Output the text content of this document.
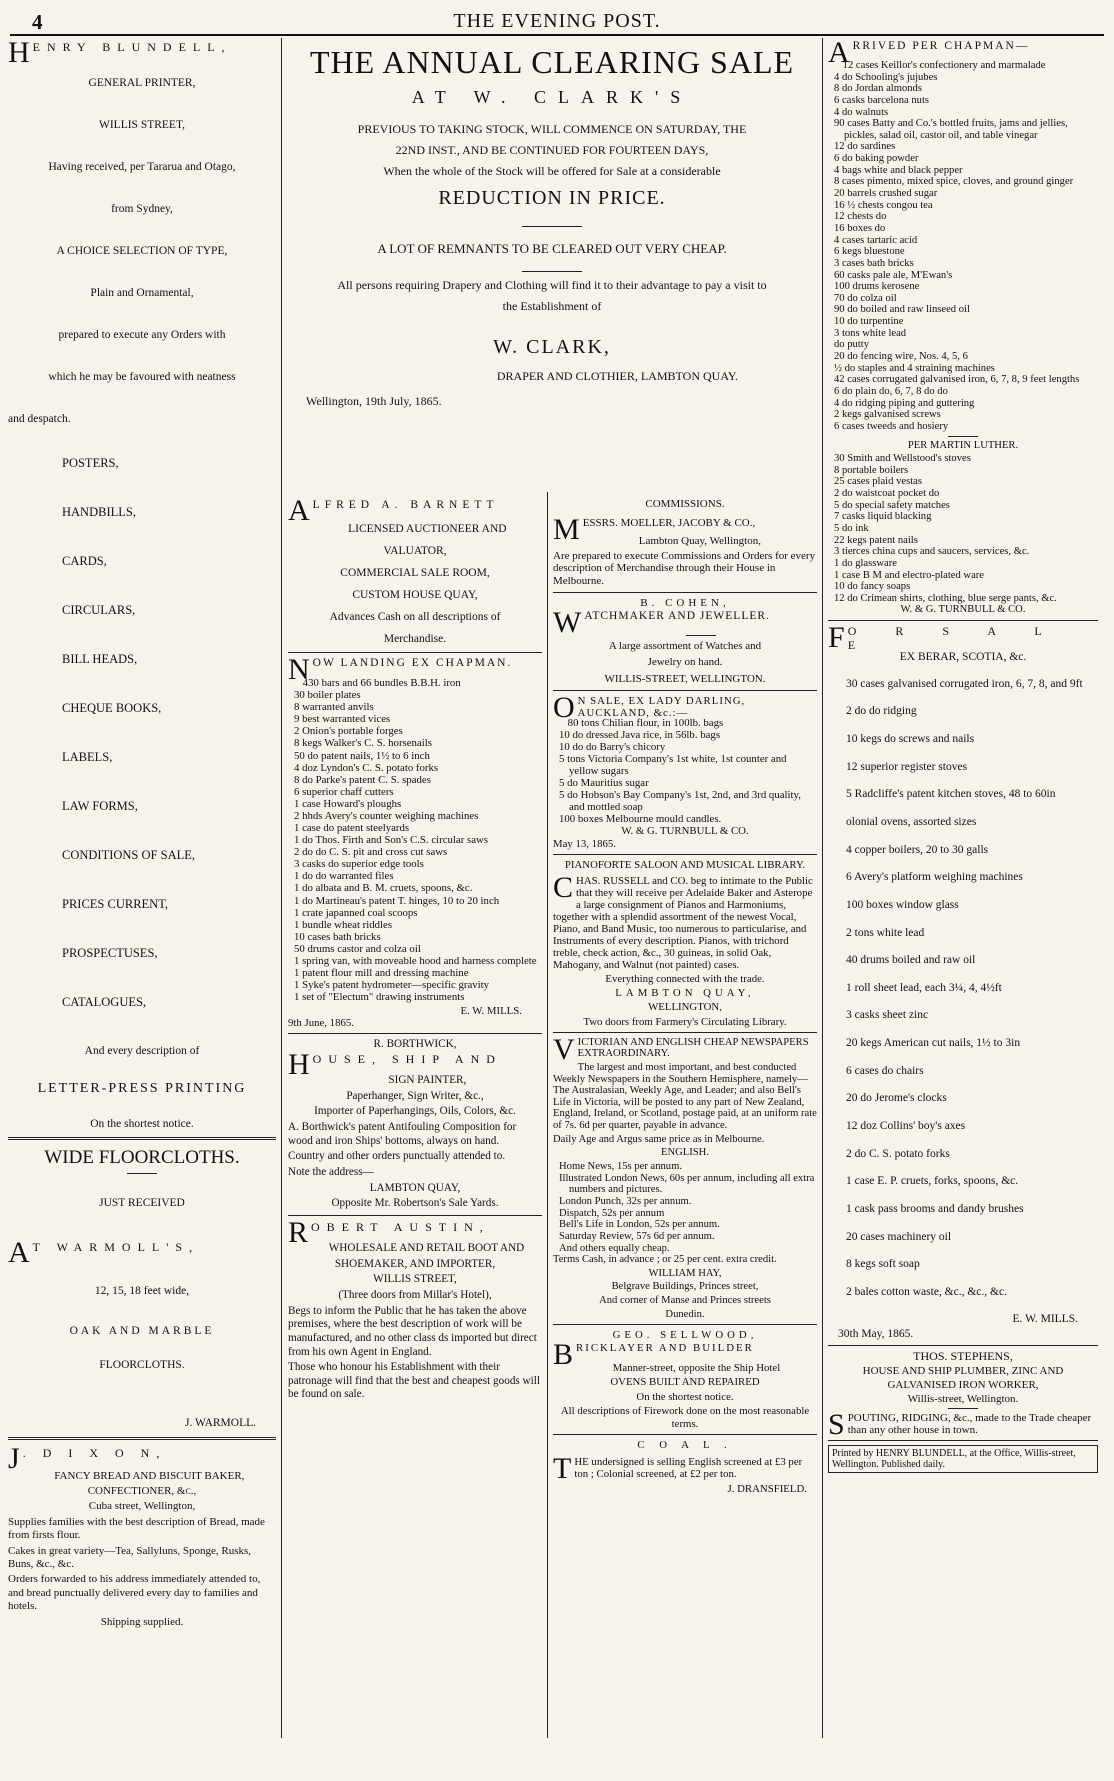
4	THE EVENING POST.
HENRY BLUNDELL,

GENERAL PRINTER,

WILLIS STREET,

Having received, per Tararua and Otago,

from Sydney,

A CHOICE SELECTION OF TYPE,

Plain and Ornamental,

prepared to execute any Orders with

which he may be favoured with neatness

and despatch.

POSTERS,
HANDBILLS,
CARDS,
CIRCULARS,
BILL HEADS,
CHEQUE BOOKS,
LABELS,
LAW FORMS,
CONDITIONS OF SALE,
PRICES CURRENT,
PROSPECTUSES,
CATALOGUES,

And every description of

LETTER-PRESS PRINTING

On the shortest notice.

WIDE FLOORCLOTHS.

JUST RECEIVED

A T WARMOLL'S,

12, 15, 18 feet wide,

OAK AND MARBLE

FLOORCLOTHS.

J. WARMOLL.

J . D I X O N,

FANCY BREAD AND BISCUIT BAKER,

CONFECTIONER, &c.,

Cuba street, Wellington,

Supplies families with the best description of Bread, made from firsts flour.

Cakes in great variety—Tea, Sallyluns, Sponge, Rusks, Buns, &c., &c.

Orders forwarded to his address immediately attended to, and bread punctually delivered every day to families and hotels.

Shipping supplied.

THE ANNUAL CLEARING SALE
AT W. CLARK'S

PREVIOUS TO TAKING STOCK, WILL COMMENCE ON SATURDAY, THE

22ND INST., AND BE CONTINUED FOR FOURTEEN DAYS,

When the whole of the Stock will be offered for Sale at a considerable

REDUCTION IN PRICE.

A LOT OF REMNANTS TO BE CLEARED OUT VERY CHEAP.

All persons requiring Drapery and Clothing will find it to their advantage to pay a visit to

the Establishment of

W. CLARK,

DRAPER AND CLOTHIER, LAMBTON QUAY.

Wellington, 19th July, 1865.

ALFRED A. BARNETT

LICENSED AUCTIONEER AND

VALUATOR,

COMMERCIAL SALE ROOM,

CUSTOM HOUSE QUAY,

Advances Cash on all descriptions of

Merchandise.

NOW LANDING EX CHAPMAN.
430 bars and 66 bundles B.B.H. iron
30 boiler plates
8 warranted anvils
9 best warranted vices
2 Onion's portable forges
8 kegs Walker's C. S. horsenails
50 do patent nails, 1½ to 6 inch
4 doz Lyndon's C. S. potato forks
8 do Parke's patent C. S. spades
6 superior chaff cutters
1 case Howard's ploughs
2 hhds Avery's counter weighing machines
1 case do patent steelyards
1 do Thos. Firth and Son's C.S. circular saws
2 do do C. S. pit and cross cut saws
3 casks do superior edge tools
1 do do warranted files
1 do albata and B. M. cruets, spoons, &c.
1 do Martineau's patent T. hinges, 10 to 20 inch
1 crate japanned coal scoops
1 bundle wheat riddles
10 cases bath bricks
50 drums castor and colza oil
1 spring van, with moveable hood and harness complete
1 patent flour mill and dressing machine
1 Syke's patent hydrometer—specific gravity
1 set of "Electum" drawing instruments

E. W. MILLS.

9th June, 1865.

R. BORTHWICK,

HOUSE, SHIP AND

SIGN PAINTER,

Paperhanger, Sign Writer, &c.,

Importer of Paperhangings, Oils, Colors, &c.

A. Borthwick's patent Antifouling Composition for wood and iron Ships' bottoms, always on hand.

Country and other orders punctually attended to.

Note the address—

LAMBTON QUAY,

Opposite Mr. Robertson's Sale Yards.

ROBERT AUSTIN,

WHOLESALE AND RETAIL BOOT AND

SHOEMAKER, AND IMPORTER,

WILLIS STREET,

(Three doors from Millar's Hotel),

Begs to inform the Public that he has taken the above premises, where the best description of work will be manufactured, and no other class ds imported but direct from his own Agent in England.

Those who honour his Establishment with their patronage will find that the best and cheapest goods will be found on sale.

COMMISSIONS.

MESSRS. MOELLER, JACOBY & CO.,

Lambton Quay, Wellington,

Are prepared to execute Commissions and Orders for every description of Merchandise through their House in Melbourne.

B. COHEN,

WATCHMAKER AND JEWELLER.

A large assortment of Watches and

Jewelry on hand.

WILLIS-STREET, WELLINGTON.

O N SALE, EX LADY DARLING, AUCKLAND, &c.:—
80 tons Chilian flour, in 100lb. bags
10 do dressed Java rice, in 56lb. bags
10 do do Barry's chicory
5 tons Victoria Company's 1st white, 1st counter and yellow sugars
5 do Mauritius sugar
5 do Hobson's Bay Company's 1st, 2nd, and 3rd quality, and mottled soap
100 boxes Melbourne mould candles.

W. & G. TURNBULL & CO.

May 13, 1865.

PIANOFORTE SALOON AND MUSICAL LIBRARY.

CHAS. RUSSELL and CO. beg to intimate to the Public that they will receive per Adelaide Baker and Asterope a large consignment of Pianos and Harmoniums, together with a splendid assortment of the newest Vocal, Piano, and Band Music, too numerous to particularise, and Instruments of every description. Pianos, with trichord treble, check action, &c., 30 guineas, in solid Oak, Mahogany, and Walnut (not painted) cases.

Everything connected with the trade.

LAMBTON QUAY,

WELLINGTON,

Two doors from Farmery's Circulating Library.

VICTORIAN AND ENGLISH CHEAP NEWSPAPERS EXTRAORDINARY.

The largest and most important, and best conducted Weekly Newspapers in the Southern Hemisphere, namely—The Australasian, Weekly Age, and Leader; and also Bell's Life in Victoria, will be posted to any part of New Zealand, England, Ireland, or Scotland, postage paid, at an uniform rate of 7s. 6d per quarter, payable in advance.

Daily Age and Argus same price as in Melbourne.

ENGLISH.

Home News, 15s per annum.
Illustrated London News, 60s per annum, including all extra numbers and pictures.
London Punch, 32s per annum.
Dispatch, 52s per annum
Bell's Life in London, 52s per annum.
Saturday Review, 57s 6d per annum.
And others equally cheap.

Terms Cash, in advance ; or 25 per cent. extra credit.

WILLIAM HAY,

Belgrave Buildings, Princes street,

And corner of Manse and Princes streets

Dunedin.

GEO. SELLWOOD,

BRICKLAYER AND BUILDER

Manner-street, opposite the Ship Hotel

OVENS BUILT AND REPAIRED

On the shortest notice.

All descriptions of Firework done on the most reasonable terms.

C O A L .

THE undersigned is selling English screened at £3 per ton ; Colonial screened, at £2 per ton.

J. DRANSFIELD.

ARRIVED PER CHAPMAN—
12 cases Keillor's confectionery and marmalade
4 do Schooling's jujubes
8 do Jordan almonds
6 casks barcelona nuts
4 do walnuts
90 cases Batty and Co.'s bottled fruits, jams and jellies, pickles, salad oil, castor oil, and table vinegar
12 do sardines
6 do baking powder
4 bags white and black pepper
8 cases pimento, mixed spice, cloves, and ground ginger
20 barrels crushed sugar
16 ½ chests congou tea
12 chests do
16 boxes do
4 cases tartaric acid
6 kegs bluestone
3 cases bath bricks
60 casks pale ale, M'Ewan's
100 drums kerosene
70 do colza oil
90 do boiled and raw linseed oil
10 do turpentine
3 tons white lead
do putty
20 do fencing wire, Nos. 4, 5, 6
½ do staples and 4 straining machines
42 cases corrugated galvanised iron, 6, 7, 8, 9 feet lengths
6 do plain do, 6, 7, 8 do do
4 do ridging piping and guttering
2 kegs galvanised screws
6 cases tweeds and hosiery

PER MARTIN LUTHER.

30 Smith and Wellstood's stoves
8 portable boilers
25 cases plaid vestas
2 do waistcoat pocket do
5 do special safety matches
7 casks liquid blacking
5 do ink
22 kegs patent nails
3 tierces china cups and saucers, services, &c.
1 do glassware
1 case B M and electro-plated ware
10 do fancy soaps
12 do Crimean shirts, clothing, blue serge pants, &c.

W. & G. TURNBULL & CO.

F O R S A L E

EX BERAR, SCOTIA, &c.

30 cases galvanised corrugated iron, 6, 7, 8, and 9ft
2 do do ridging
10 kegs do screws and nails
12 superior register stoves
5 Radcliffe's patent kitchen stoves, 48 to 60in
olonial ovens, assorted sizes
4 copper boilers, 20 to 30 galls
6 Avery's platform weighing machines
100 boxes window glass
2 tons white lead
40 drums boiled and raw oil
1 roll sheet lead, each 3¼, 4, 4½ft
3 casks sheet zinc
20 kegs American cut nails, 1½ to 3in
6 cases do chairs
20 do Jerome's clocks
12 doz Collins' boy's axes
2 do C. S. potato forks
1 case E. P. cruets, forks, spoons, &c.
1 cask pass brooms and dandy brushes
20 cases machinery oil
8 kegs soft soap
2 bales cotton waste, &c., &c., &c.

E. W. MILLS.

30th May, 1865.

THOS. STEPHENS,

HOUSE AND SHIP PLUMBER, ZINC AND

GALVANISED IRON WORKER,

Willis-street, Wellington.

SPOUTING, RIDGING, &c., made to the Trade cheaper than any other house in town.

Printed by HENRY BLUNDELL, at the Office, Willis-street, Wellington. Published daily.
